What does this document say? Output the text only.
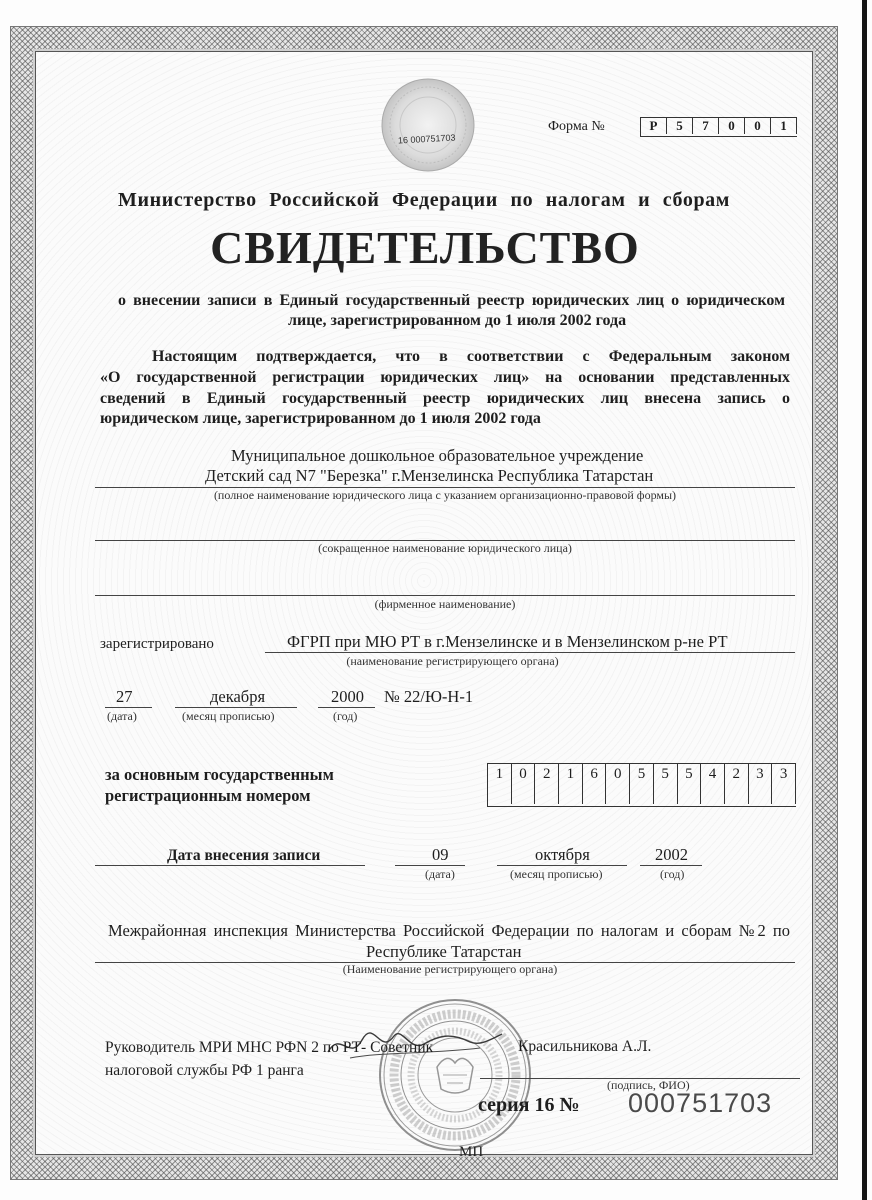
16 000751703
Форма №	Р	5	7	0	0	1
Министерство Российской Федерации по налогам и сборам
СВИДЕТЕЛЬСТВО
о внесении записи в Единый государственный реестр юридических лиц о юридическом
лице, зарегистрированном до 1 июля 2002 года
Настоящим подтверждается, что в соответствии с Федеральным законом
«О государственной регистрации юридических лиц» на основании представленных
сведений в Единый государственный реестр юридических лиц внесена запись о
юридическом лице, зарегистрированном до 1 июля 2002 года
Муниципальное дошкольное образовательное учреждение
Детский сад N7 "Березка" г.Мензелинска Республика Татарстан
(полное наименование юридического лица с указанием организационно-правовой формы)
(сокращенное наименование юридического лица)
(фирменное наименование)
зарегистрировано	ФГРП при МЮ РТ в г.Мензелинске и в Мензелинском р-не РТ
(наименование регистрирующего органа)
27	декабря	2000 № 22/Ю-Н-1
(дата)	(месяц прописью)	(год)
за основным государственным
регистрационным номером
1	0	2	1	6	0	5	5	5	4	2	3	3
Дата внесения записи	09	октября	2002
(дата)	(месяц прописью)	(год)
Межрайонная инспекция Министерства Российской Федерации по налогам и сборам №2 по
Республике Татарстан
(Наименование регистрирующего органа)
Руководитель МРИ МНС РФN 2 по РТ- Советник	Красильникова А.Л.
налоговой службы РФ 1 ранга
(подпись, ФИО)
серия 16 № 000751703
МП
